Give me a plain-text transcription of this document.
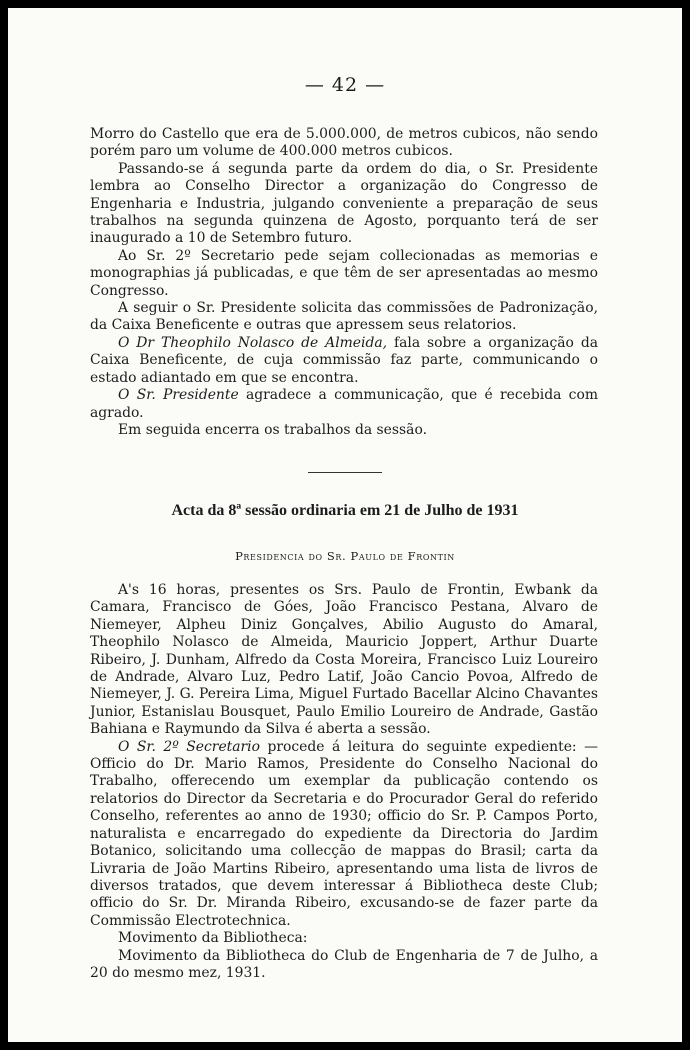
— 42 —

Morro do Castello que era de 5.000.000, de metros cubicos, não sendo porém paro um volume de 400.000 metros cubicos.

Passando-se á segunda parte da ordem do dia, o Sr. Presidente lembra ao Conselho Director a organização do Congresso de Engenharia e Industria, julgando conveniente a preparação de seus trabalhos na segunda quinzena de Agosto, porquanto terá de ser inaugurado a 10 de Setembro futuro.

Ao Sr. 2º Secretario pede sejam collecionadas as memorias e monographias já publicadas, e que têm de ser apresentadas ao mesmo Congresso.

A seguir o Sr. Presidente solicita das commissões de Padronização, da Caixa Beneficente e outras que apressem seus relatorios.

O Dr Theophilo Nolasco de Almeida, fala sobre a organização da Caixa Beneficente, de cuja commissão faz parte, communicando o estado adiantado em que se encontra.

O Sr. Presidente agradece a communicação, que é recebida com agrado.

Em seguida encerra os trabalhos da sessão.

Acta da 8ª sessão ordinaria em 21 de Julho de 1931
Presidencia do Sr. Paulo de Frontin

A's 16 horas, presentes os Srs. Paulo de Frontin, Ewbank da Camara, Francisco de Góes, João Francisco Pestana, Alvaro de Niemeyer, Alpheu Diniz Gonçalves, Abilio Augusto do Amaral, Theophilo Nolasco de Almeida, Mauricio Joppert, Arthur Duarte Ribeiro, J. Dunham, Alfredo da Costa Moreira, Francisco Luiz Loureiro de Andrade, Alvaro Luz, Pedro Latif, João Cancio Povoa, Alfredo de Niemeyer, J. G. Pereira Lima, Miguel Furtado Bacellar Alcino Chavantes Junior, Estanislau Bousquet, Paulo Emilio Loureiro de Andrade, Gastão Bahiana e Raymundo da Silva é aberta a sessão.

O Sr. 2º Secretario procede á leitura do seguinte expediente: — Officio do Dr. Mario Ramos, Presidente do Conselho Nacional do Trabalho, offerecendo um exemplar da publicação contendo os relatorios do Director da Secretaria e do Procurador Geral do referido Conselho, referentes ao anno de 1930; officio do Sr. P. Campos Porto, naturalista e encarregado do expediente da Directoria do Jardim Botanico, solicitando uma collecção de mappas do Brasil; carta da Livraria de João Martins Ribeiro, apresentando uma lista de livros de diversos tratados, que devem interessar á Bibliotheca deste Club; officio do Sr. Dr. Miranda Ribeiro, excusando-se de fazer parte da Commissão Electrotechnica.

Movimento da Bibliotheca:

Movimento da Bibliotheca do Club de Engenharia de 7 de Julho, a 20 do mesmo mez, 1931.
